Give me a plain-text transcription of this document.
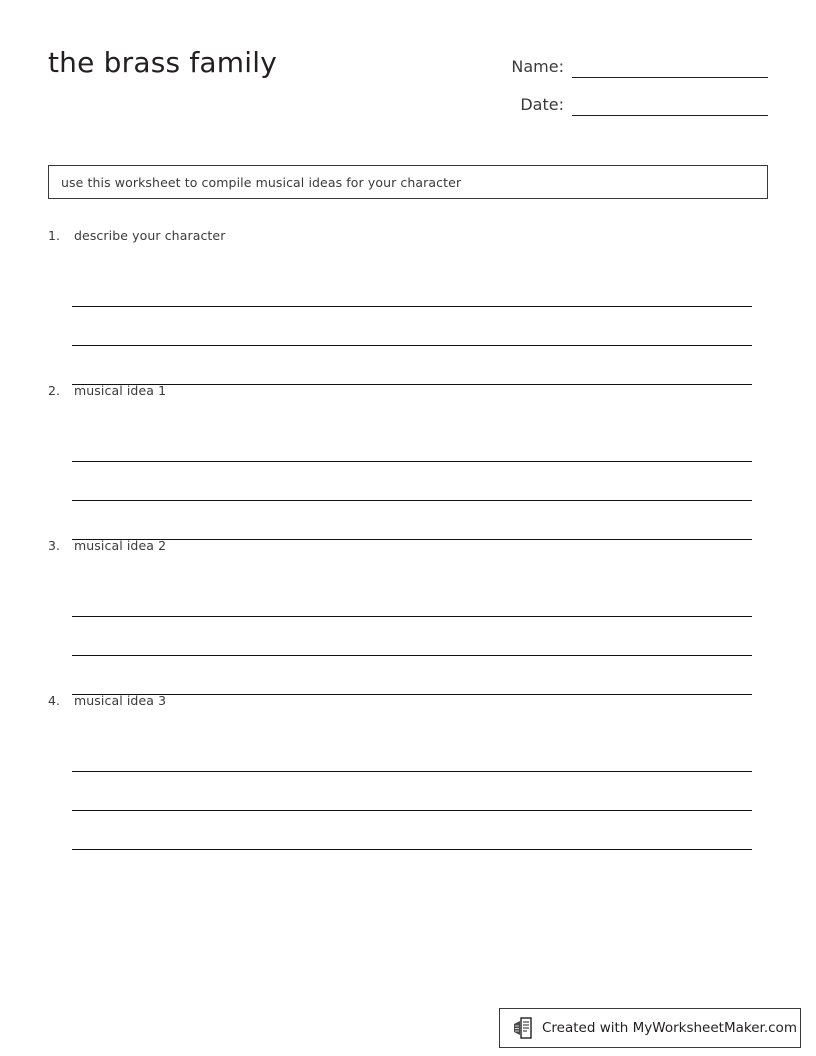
the brass family	Name:
Date:
use this worksheet to compile musical ideas for your character
1.	describe your character
2.	musical idea 1
3.	musical idea 2
4.	musical idea 3
Created with MyWorksheetMaker.com
